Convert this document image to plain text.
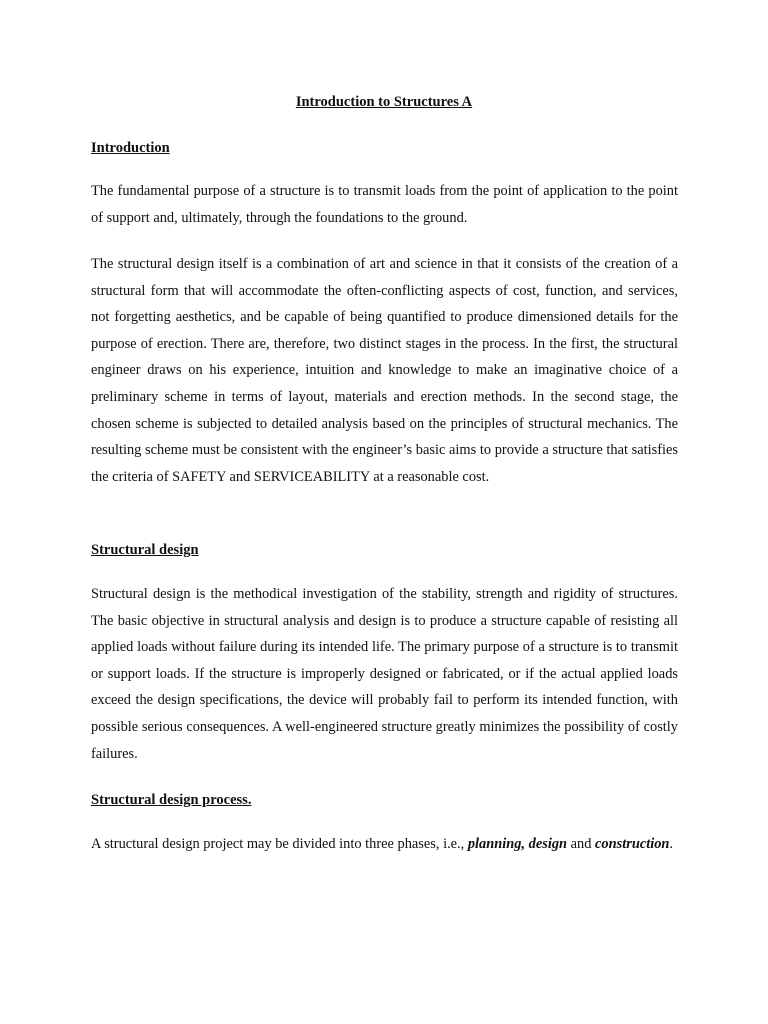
Introduction to Structures A
Introduction

The fundamental purpose of a structure is to transmit loads from the point of application to the point of support and, ultimately, through the foundations to the ground.

The structural design itself is a combination of art and science in that it consists of the creation of a structural form that will accommodate the often-conflicting aspects of cost, function, and services, not forgetting aesthetics, and be capable of being quantified to produce dimensioned details for the purpose of erection. There are, therefore, two distinct stages in the process. In the first, the structural engineer draws on his experience, intuition and knowledge to make an imaginative choice of a preliminary scheme in terms of layout, materials and erection methods. In the second stage, the chosen scheme is subjected to detailed analysis based on the principles of structural mechanics. The resulting scheme must be consistent with the engineer’s basic aims to provide a structure that satisfies the criteria of SAFETY and SERVICEABILITY at a reasonable cost.

Structural design

Structural design is the methodical investigation of the stability, strength and rigidity of structures. The basic objective in structural analysis and design is to produce a structure capable of resisting all applied loads without failure during its intended life. The primary purpose of a structure is to transmit or support loads. If the structure is improperly designed or fabricated, or if the actual applied loads exceed the design specifications, the device will probably fail to perform its intended function, with possible serious consequences. A well-engineered structure greatly minimizes the possibility of costly failures.

Structural design process.

A structural design project may be divided into three phases, i.e., planning, design and construction.
